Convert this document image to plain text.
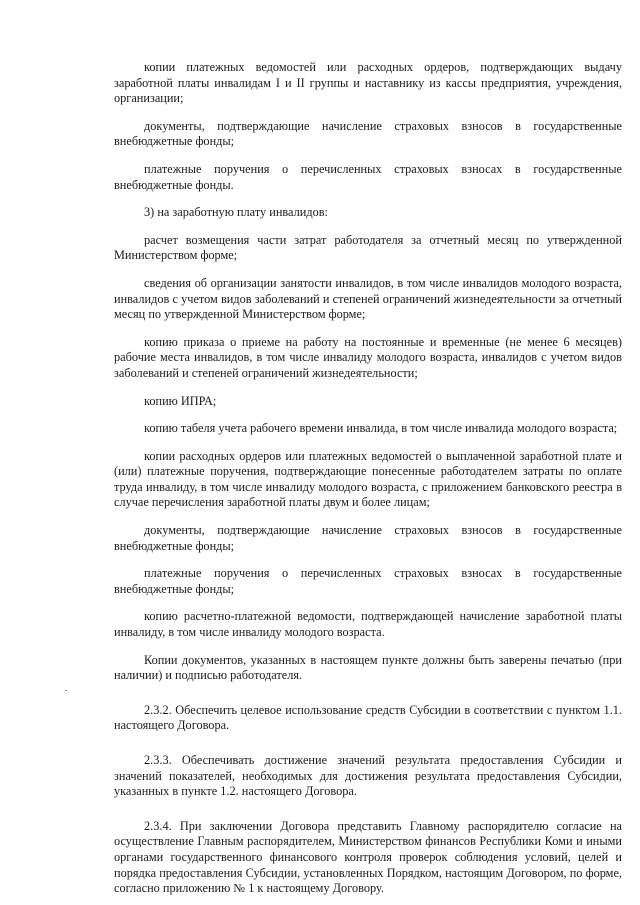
копии платежных ведомостей или расходных ордеров, подтверждающих выдачу заработной платы инвалидам I и II группы и наставнику из кассы предприятия, учреждения, организации;

документы, подтверждающие начисление страховых взносов в государственные внебюджетные фонды;

платежные поручения о перечисленных страховых взносах в государственные внебюджетные фонды.

3) на заработную плату инвалидов:

расчет возмещения части затрат работодателя за отчетный месяц по утвержденной Министерством форме;

сведения об организации занятости инвалидов, в том числе инвалидов молодого возраста, инвалидов с учетом видов заболеваний и степеней ограничений жизнедеятельности за отчетный месяц по утвержденной Министерством форме;

копию приказа о приеме на работу на постоянные и временные (не менее 6 месяцев) рабочие места инвалидов, в том числе инвалиду молодого возраста, инвалидов с учетом видов заболеваний и степеней ограничений жизнедеятельности;

копию ИПРА;

копию табеля учета рабочего времени инвалида, в том числе инвалида молодого возраста;

копии расходных ордеров или платежных ведомостей о выплаченной заработной плате и (или) платежные поручения, подтверждающие понесенные работодателем затраты по оплате труда инвалиду, в том числе инвалиду молодого возраста, с приложением банковского реестра в случае перечисления заработной платы двум и более лицам;

документы, подтверждающие начисление страховых взносов в государственные внебюджетные фонды;

платежные поручения о перечисленных страховых взносах в государственные внебюджетные фонды;

копию расчетно-платежной ведомости, подтверждающей начисление заработной платы инвалиду, в том числе инвалиду молодого возраста.

Копии документов, указанных в настоящем пункте должны быть заверены печатью (при наличии) и подписью работодателя.

2.3.2. Обеспечить целевое использование средств Субсидии в соответствии с пунктом 1.1. настоящего Договора.

2.3.3. Обеспечивать достижение значений результата предоставления Субсидии и значений показателей, необходимых для достижения результата предоставления Субсидии, указанных в пункте 1.2. настоящего Договора.

2.3.4. При заключении Договора представить Главному распорядителю согласие на осуществление Главным распорядителем, Министерством финансов Республики Коми и иными органами государственного финансового контроля проверок соблюдения условий, целей и порядка предоставления Субсидии, установленных Порядком, настоящим Договором, по форме, согласно приложению № 1 к настоящему Договору.
